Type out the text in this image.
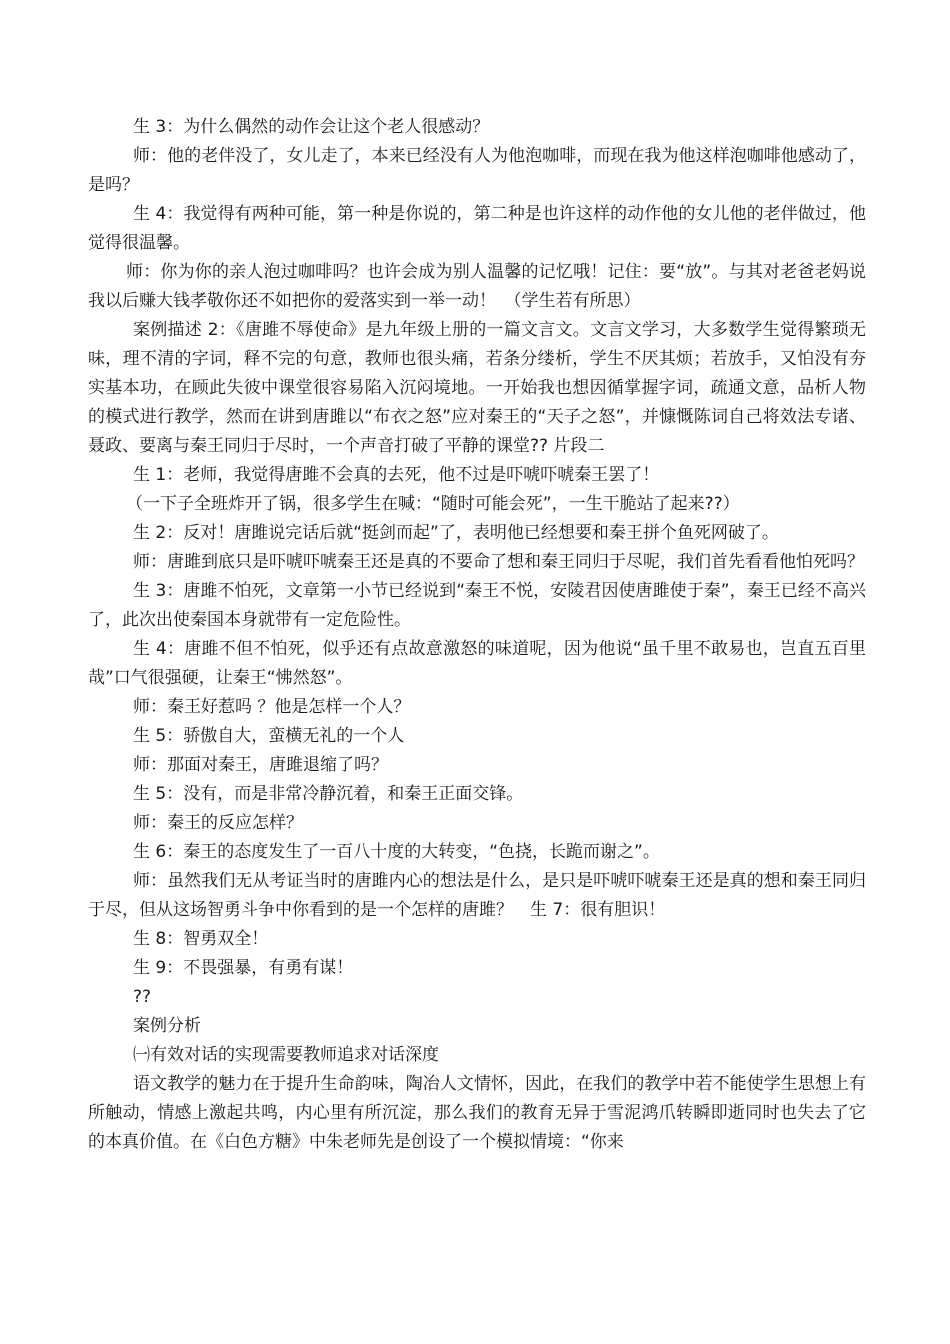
生 3：为什么偶然的动作会让这个老人很感动？

师：他的老伴没了，女儿走了，本来已经没有人为他泡咖啡，而现在我为他这样泡咖啡他感动了，是吗？

生 4：我觉得有两种可能，第一种是你说的，第二种是也许这样的动作他的女儿他的老伴做过，他觉得很温馨。

师：你为你的亲人泡过咖啡吗？也许会成为别人温馨的记忆哦！记住：要“放”。与其对老爸老妈说我以后赚大钱孝敬你还不如把你的爱落实到一举一动！　（学生若有所思）

案例描述 2：《唐雎不辱使命》是九年级上册的一篇文言文。文言文学习，大多数学生觉得繁琐无味，理不清的字词，释不完的句意，教师也很头痛，若条分缕析，学生不厌其烦；若放手，又怕没有夯实基本功，在顾此失彼中课堂很容易陷入沉闷境地。一开始我也想因循掌握字词，疏通文意，品析人物的模式进行教学，然而在讲到唐雎以“布衣之怒”应对秦王的“天子之怒”，并慷慨陈词自己将效法专诸、聂政、要离与秦王同归于尽时，一个声音打破了平静的课堂?? 片段二

生 1：老师，我觉得唐雎不会真的去死，他不过是吓唬吓唬秦王罢了！

（一下子全班炸开了锅，很多学生在喊：“随时可能会死”，一生干脆站了起来??）

生 2：反对！唐雎说完话后就“挺剑而起”了，表明他已经想要和秦王拼个鱼死网破了。

师：唐雎到底只是吓唬吓唬秦王还是真的不要命了想和秦王同归于尽呢，我们首先看看他怕死吗？

生 3：唐雎不怕死，文章第一小节已经说到“秦王不悦，安陵君因使唐雎使于秦”，秦王已经不高兴了，此次出使秦国本身就带有一定危险性。

生 4：唐雎不但不怕死，似乎还有点故意激怒的味道呢，因为他说“虽千里不敢易也，岂直五百里哉”口气很强硬，让秦王“怫然怒”。

师：秦王好惹吗 ？他是怎样一个人？

生 5：骄傲自大，蛮横无礼的一个人

师：那面对秦王，唐雎退缩了吗？

生 5：没有，而是非常冷静沉着，和秦王正面交锋。

师：秦王的反应怎样？

生 6：秦王的态度发生了一百八十度的大转变，“色挠，长跪而谢之”。

师：虽然我们无从考证当时的唐雎内心的想法是什么，是只是吓唬吓唬秦王还是真的想和秦王同归于尽，但从这场智勇斗争中你看到的是一个怎样的唐雎？　生 7：很有胆识！

生 8：智勇双全！

生 9：不畏强暴，有勇有谋！

??

案例分析

㈠有效对话的实现需要教师追求对话深度

语文教学的魅力在于提升生命韵味，陶冶人文情怀，因此，在我们的教学中若不能使学生思想上有所触动，情感上激起共鸣，内心里有所沉淀，那么我们的教育无异于雪泥鸿爪转瞬即逝同时也失去了它的本真价值。在《白色方糖》中朱老师先是创设了一个模拟情境：“你来
